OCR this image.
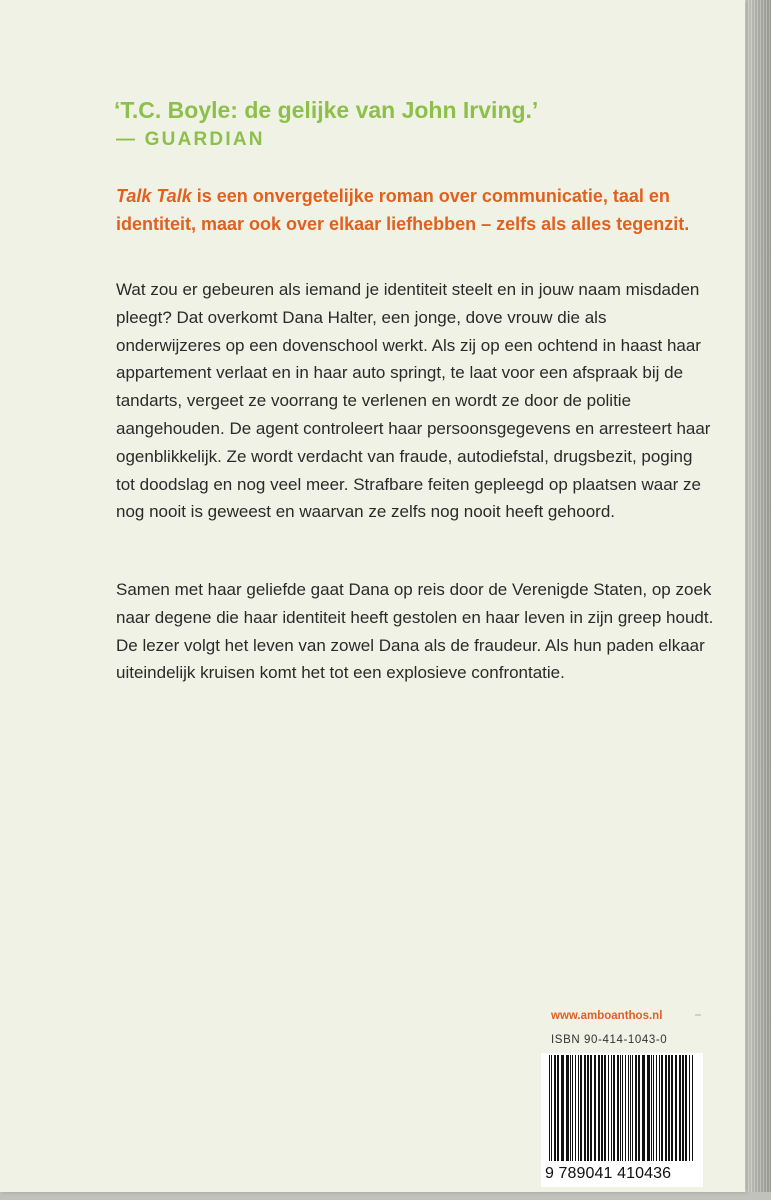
‘T.C. Boyle: de gelijke van John Irving.’

— GUARDIAN

Talk Talk is een onvergetelijke roman over communicatie, taal en identiteit, maar ook over elkaar liefhebben – zelfs als alles tegenzit.

Wat zou er gebeuren als iemand je identiteit steelt en in jouw naam misdaden pleegt? Dat overkomt Dana Halter, een jonge, dove vrouw die als onderwijzeres op een dovenschool werkt. Als zij op een ochtend in haast haar appartement verlaat en in haar auto springt, te laat voor een afspraak bij de tandarts, vergeet ze voorrang te verlenen en wordt ze door de politie aangehouden. De agent controleert haar persoonsgegevens en arresteert haar ogenblikkelijk. Ze wordt verdacht van fraude, autodiefstal, drugsbezit, poging tot doodslag en nog veel meer. Strafbare feiten gepleegd op plaatsen waar ze nog nooit is geweest en waarvan ze zelfs nog nooit heeft gehoord.

Samen met haar geliefde gaat Dana op reis door de Verenigde Staten, op zoek naar degene die haar identiteit heeft gestolen en haar leven in zijn greep houdt. De lezer volgt het leven van zowel Dana als de fraudeur. Als hun paden elkaar uiteindelijk kruisen komt het tot een explosieve confrontatie.

www.amboanthos.nl

ISBN 90-414-1043-0

9 789041 410436
